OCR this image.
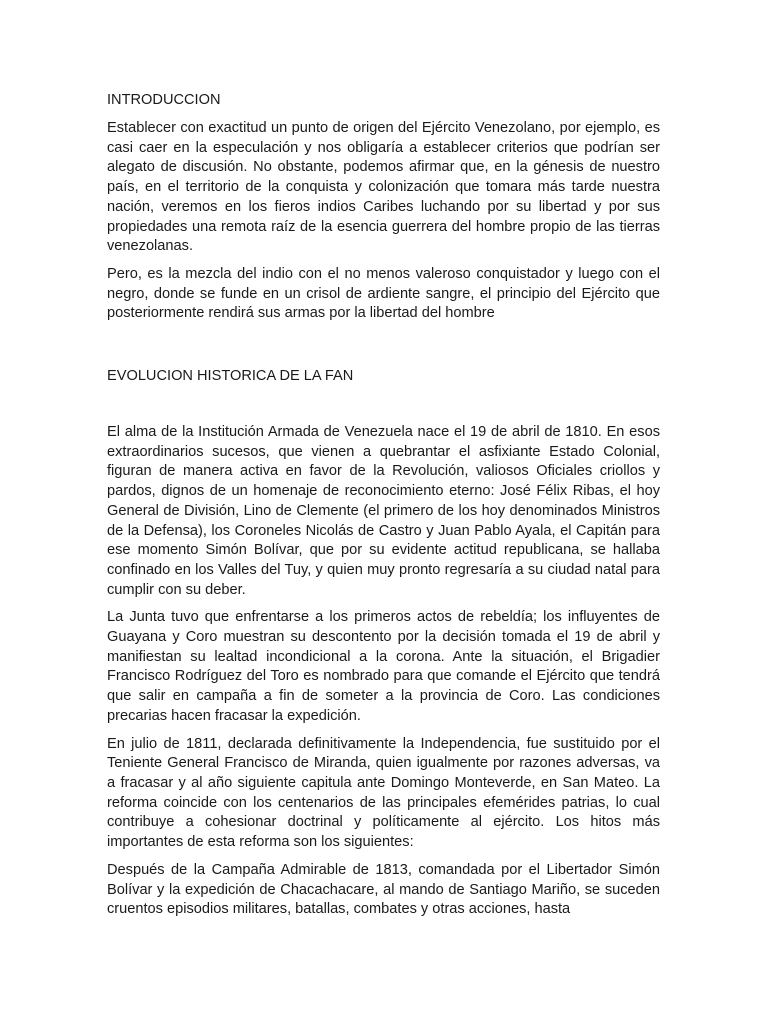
INTRODUCCION

Establecer con exactitud un punto de origen del Ejército Venezolano, por ejemplo, es casi caer en la especulación y nos obligaría a establecer criterios que podrían ser alegato de discusión. No obstante, podemos afirmar que, en la génesis de nuestro país, en el territorio de la conquista y colonización que tomara más tarde nuestra nación, veremos en los fieros indios Caribes luchando por su libertad y por sus propiedades una remota raíz de la esencia guerrera del hombre propio de las tierras venezolanas.

Pero, es la mezcla del indio con el no menos valeroso conquistador y luego con el negro, donde se funde en un crisol de ardiente sangre, el principio del Ejército que posteriormente rendirá sus armas por la libertad del hombre

EVOLUCION HISTORICA DE LA FAN

El alma de la Institución Armada de Venezuela nace el 19 de abril de 1810. En esos extraordinarios sucesos, que vienen a quebrantar el asfixiante Estado Colonial, figuran de manera activa en favor de la Revolución, valiosos Oficiales criollos y pardos, dignos de un homenaje de reconocimiento eterno: José Félix Ribas, el hoy General de División, Lino de Clemente (el primero de los hoy denominados Ministros de la Defensa), los Coroneles Nicolás de Castro y Juan Pablo Ayala, el Capitán para ese momento Simón Bolívar, que por su evidente actitud republicana, se hallaba confinado en los Valles del Tuy, y quien muy pronto regresaría a su ciudad natal para cumplir con su deber.

La Junta tuvo que enfrentarse a los primeros actos de rebeldía; los influyentes de Guayana y Coro muestran su descontento por la decisión tomada el 19 de abril y manifiestan su lealtad incondicional a la corona. Ante la situación, el Brigadier Francisco Rodríguez del Toro es nombrado para que comande el Ejército que tendrá que salir en campaña a fin de someter a la provincia de Coro. Las condiciones precarias hacen fracasar la expedición.

En julio de 1811, declarada definitivamente la Independencia, fue sustituido por el Teniente General Francisco de Miranda, quien igualmente por razones adversas, va a fracasar y al año siguiente capitula ante Domingo Monteverde, en San Mateo. La reforma coincide con los centenarios de las principales efemérides patrias, lo cual contribuye a cohesionar doctrinal y políticamente al ejército. Los hitos más importantes de esta reforma son los siguientes:

Después de la Campaña Admirable de 1813, comandada por el Libertador Simón Bolívar y la expedición de Chacachacare, al mando de Santiago Mariño, se suceden cruentos episodios militares, batallas, combates y otras acciones, hasta
